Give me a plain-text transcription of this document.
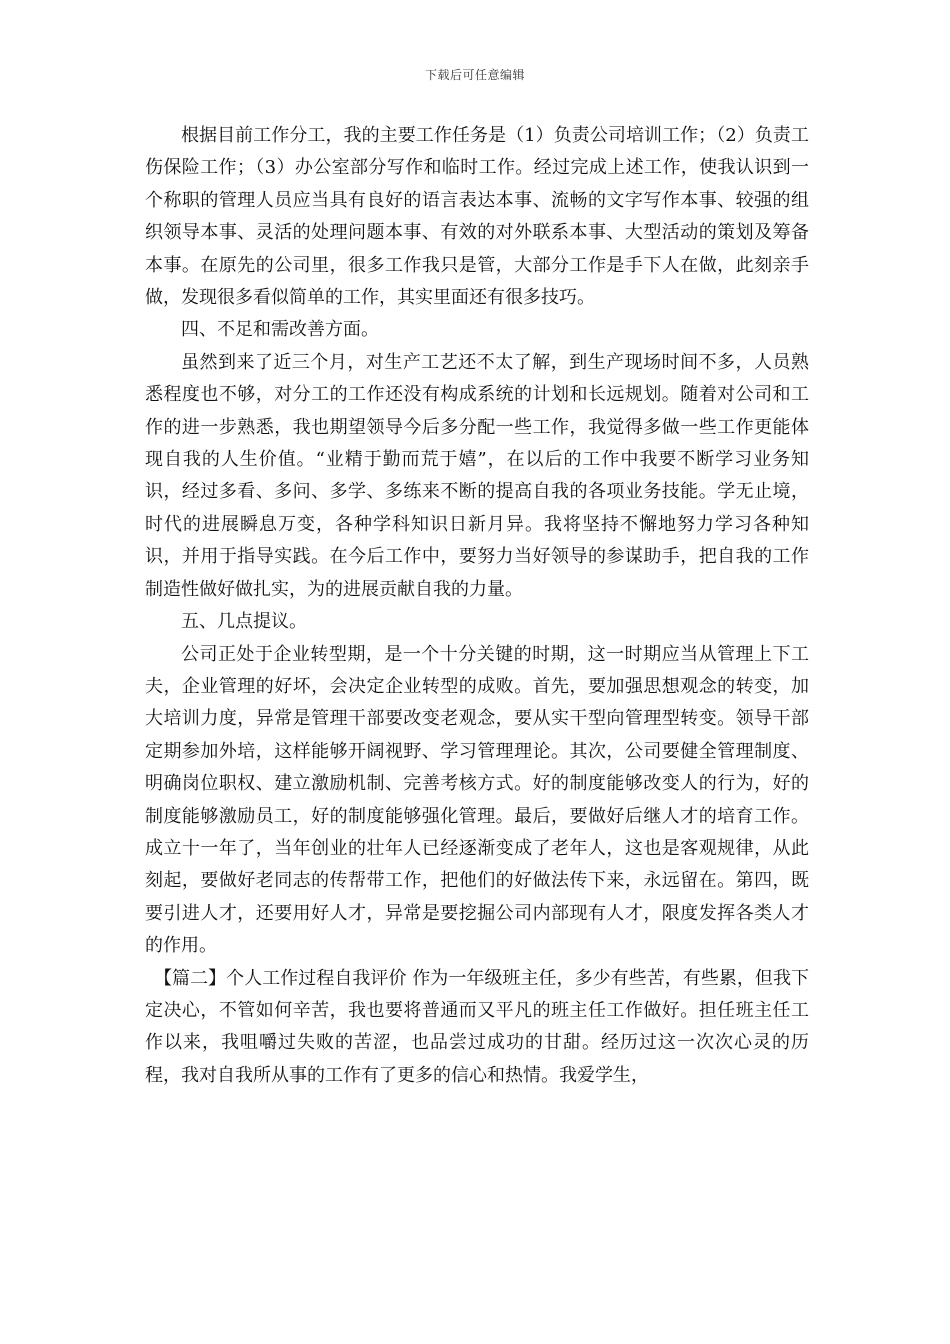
下载后可任意编辑

根据目前工作分工，我的主要工作任务是（1）负责公司培训工作；（2）负责工伤保险工作；（3）办公室部分写作和临时工作。经过完成上述工作，使我认识到一个称职的管理人员应当具有良好的语言表达本事、流畅的文字写作本事、较强的组织领导本事、灵活的处理问题本事、有效的对外联系本事、大型活动的策划及筹备本事。在原先的公司里，很多工作我只是管，大部分工作是手下人在做，此刻亲手做，发现很多看似简单的工作，其实里面还有很多技巧。

四、不足和需改善方面。

虽然到来了近三个月，对生产工艺还不太了解，到生产现场时间不多，人员熟悉程度也不够，对分工的工作还没有构成系统的计划和长远规划。随着对公司和工作的进一步熟悉，我也期望领导今后多分配一些工作，我觉得多做一些工作更能体现自我的人生价值。“业精于勤而荒于嬉”，在以后的工作中我要不断学习业务知识，经过多看、多问、多学、多练来不断的提高自我的各项业务技能。学无止境，时代的进展瞬息万变，各种学科知识日新月异。我将坚持不懈地努力学习各种知识，并用于指导实践。在今后工作中，要努力当好领导的参谋助手，把自我的工作制造性做好做扎实，为的进展贡献自我的力量。

五、几点提议。

公司正处于企业转型期，是一个十分关键的时期，这一时期应当从管理上下工夫，企业管理的好坏，会决定企业转型的成败。首先，要加强思想观念的转变，加大培训力度，异常是管理干部要改变老观念，要从实干型向管理型转变。领导干部定期参加外培，这样能够开阔视野、学习管理理论。其次，公司要健全管理制度、明确岗位职权、建立激励机制、完善考核方式。好的制度能够改变人的行为，好的制度能够激励员工，好的制度能够强化管理。最后，要做好后继人才的培育工作。成立十一年了，当年创业的壮年人已经逐渐变成了老年人，这也是客观规律，从此刻起，要做好老同志的传帮带工作，把他们的好做法传下来，永远留在。第四，既要引进人才，还要用好人才，异常是要挖掘公司内部现有人才，限度发挥各类人才的作用。

【篇二】个人工作过程自我评价 作为一年级班主任，多少有些苦，有些累，但我下定决心，不管如何辛苦，我也要将普通而又平凡的班主任工作做好。担任班主任工作以来，我咀嚼过失败的苦涩，也品尝过成功的甘甜。经历过这一次次心灵的历程，我对自我所从事的工作有了更多的信心和热情。我爱学生，
